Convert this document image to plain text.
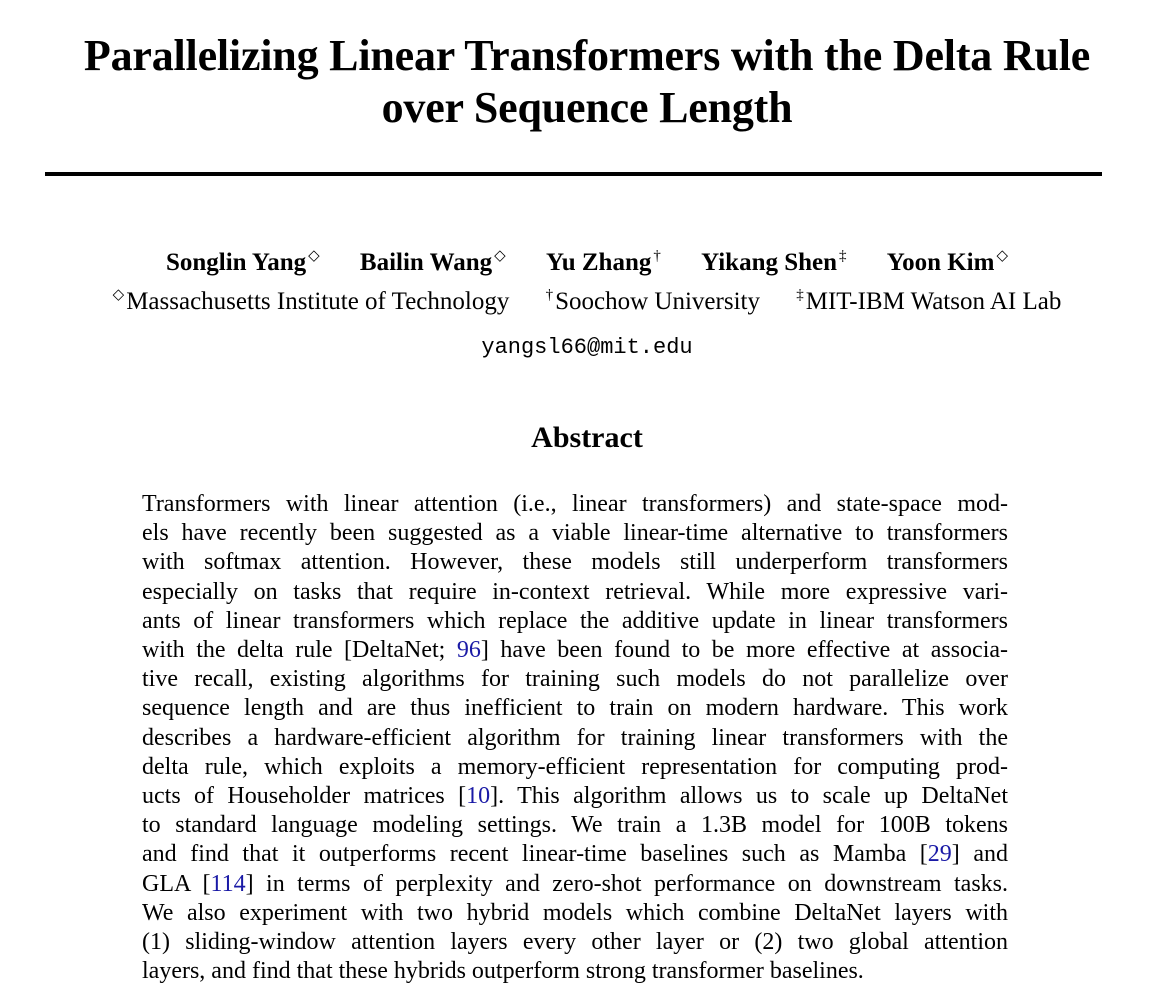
Parallelizing Linear Transformers with the Delta Rule
over Sequence Length
Songlin Yang ◇ Bailin Wang ◇ Yu Zhang † Yikang Shen ‡ Yoon Kim ◇
◇Massachusetts Institute of Technology †Soochow University ‡MIT-IBM Watson AI Lab
yangsl66@mit.edu
Abstract
Transformers with linear attention (i.e., linear transformers) and state-space mod-
els have recently been suggested as a viable linear-time alternative to transformers
with softmax attention. However, these models still underperform transformers
especially on tasks that require in-context retrieval. While more expressive vari-
ants of linear transformers which replace the additive update in linear transformers
with the delta rule [DeltaNet; 96] have been found to be more effective at associa-
tive recall, existing algorithms for training such models do not parallelize over
sequence length and are thus inefficient to train on modern hardware. This work
describes a hardware-efficient algorithm for training linear transformers with the
delta rule, which exploits a memory-efficient representation for computing prod-
ucts of Householder matrices [10]. This algorithm allows us to scale up DeltaNet
to standard language modeling settings. We train a 1.3B model for 100B tokens
and find that it outperforms recent linear-time baselines such as Mamba [29] and
GLA [114] in terms of perplexity and zero-shot performance on downstream tasks.
We also experiment with two hybrid models which combine DeltaNet layers with
(1) sliding-window attention layers every other layer or (2) two global attention
layers, and find that these hybrids outperform strong transformer baselines.
